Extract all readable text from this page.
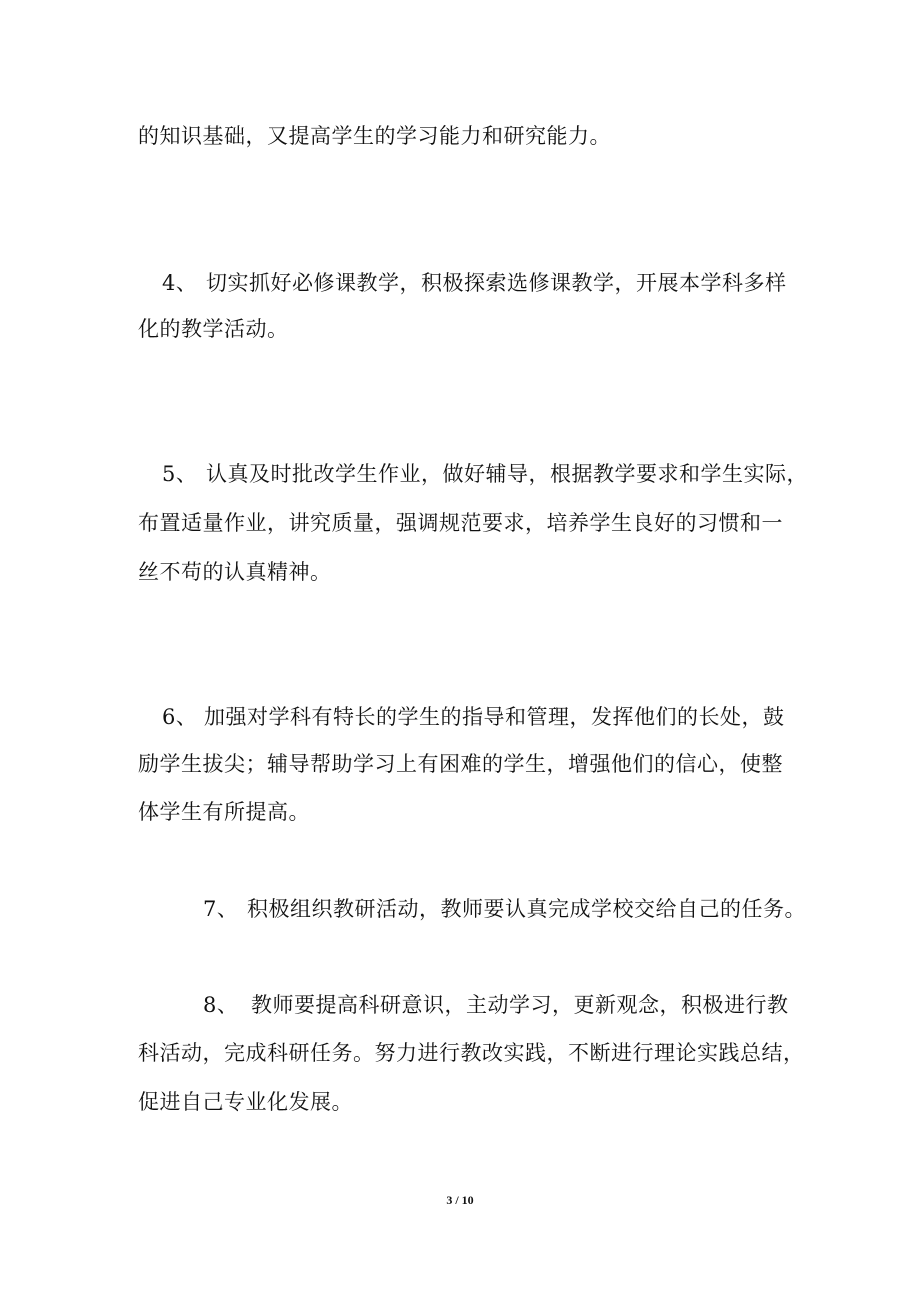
的知识基础，又提高学生的学习能力和研究能力。
4、 切实抓好必修课教学，积极探索选修课教学，开展本学科多样
化的教学活动。
5、 认真及时批改学生作业，做好辅导，根据教学要求和学生实际，
布置适量作业，讲究质量，强调规范要求，培养学生良好的习惯和一
丝不苟的认真精神。
6、 加强对学科有特长的学生的指导和管理，发挥他们的长处，鼓
励学生拔尖；辅导帮助学习上有困难的学生，增强他们的信心，使整
体学生有所提高。
7、 积极组织教研活动，教师要认真完成学校交给自己的任务。
8、 教师要提高科研意识，主动学习，更新观念，积极进行教
科活动，完成科研任务。努力进行教改实践，不断进行理论实践总结，
促进自己专业化发展。
3 / 10
